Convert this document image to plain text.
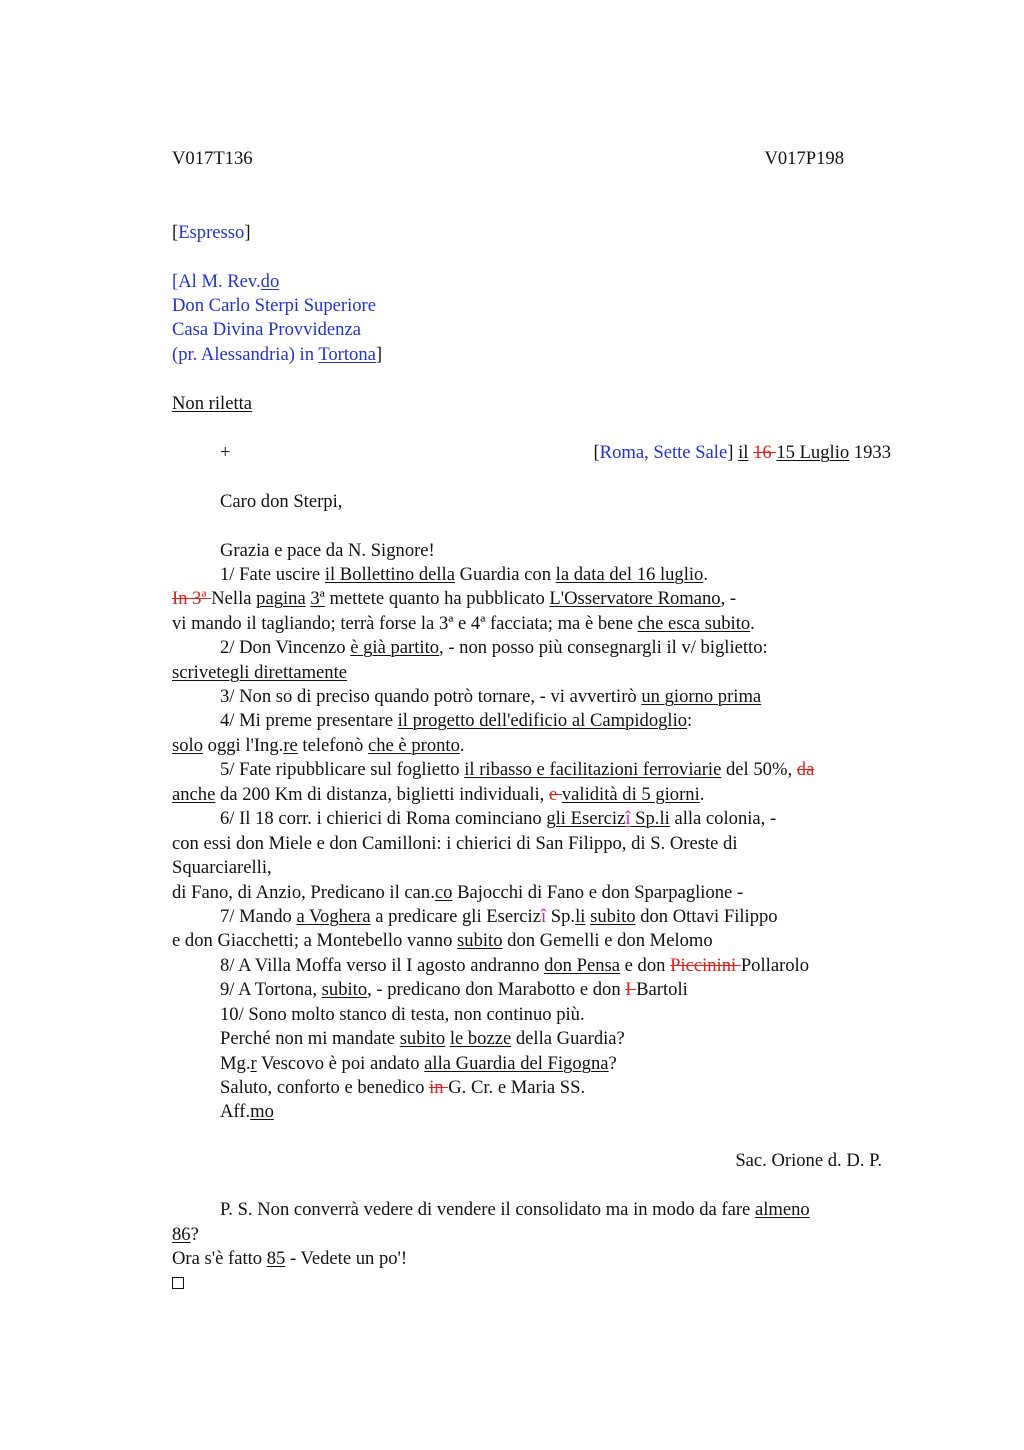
V017T136	V017P198
[Espresso]
[Al M. Rev.do
Don Carlo Sterpi Superiore
Casa Divina Provvidenza
(pr. Alessandria) in Tortona]
Non riletta
+	[Roma, Sette Sale] il 16 15 Luglio 1933
Caro don Sterpi,
Grazia e pace da N. Signore!
1/ Fate uscire il Bollettino della Guardia con la data del 16 luglio.
In 3ª Nella pagina 3ª mettete quanto ha pubblicato L'Osservatore Romano, -
vi mando il tagliando; terrà forse la 3ª e 4ª facciata; ma è bene che esca subito.
2/ Don Vincenzo è già partito, - non posso più consegnargli il v/ biglietto:
scrivetegli direttamente
3/ Non so di preciso quando potrò tornare, - vi avvertirò un giorno prima
4/ Mi preme presentare il progetto dell'edificio al Campidoglio:
solo oggi l'Ing.re telefonò che è pronto.
5/ Fate ripubblicare sul foglietto il ribasso e facilitazioni ferroviarie del 50%, da
anche da 200 Km di distanza, biglietti individuali, e validità di 5 giorni.
6/ Il 18 corr. i chierici di Roma cominciano gli Esercizî Sp.li alla colonia, -
con essi don Miele e don Camilloni: i chierici di San Filippo, di S. Oreste di
Squarciarelli,
di Fano, di Anzio, Predicano il can.co Bajocchi di Fano e don Sparpaglione -
7/ Mando a Voghera a predicare gli Esercizî Sp.li subito don Ottavi Filippo
e don Giacchetti; a Montebello vanno subito don Gemelli e don Melomo
8/ A Villa Moffa verso il I agosto andranno don Pensa e don Piccinini Pollarolo
9/ A Tortona, subito, - predicano don Marabotto e don I Bartoli
10/ Sono molto stanco di testa, non continuo più.
Perché non mi mandate subito le bozze della Guardia?
Mg.r Vescovo è poi andato alla Guardia del Figogna?
Saluto, conforto e benedico in G. Cr. e Maria SS.
Aff.mo
Sac. Orione d. D. P.
P. S. Non converrà vedere di vendere il consolidato ma in modo da fare almeno
86?
Ora s'è fatto 85 - Vedete un po'!
